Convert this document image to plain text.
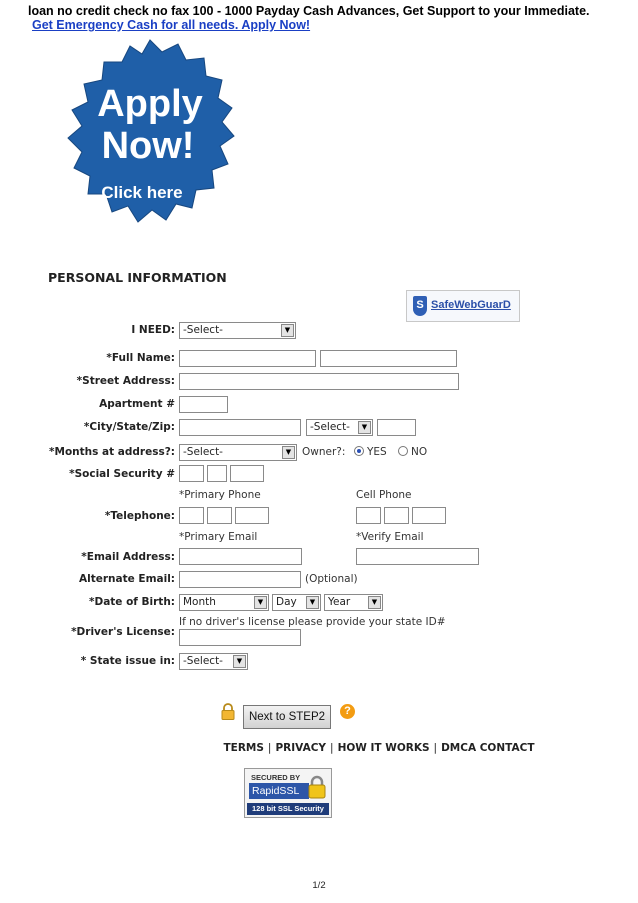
loan no credit check no fax 100 - 1000 Payday Cash Advances, Get Support to your Immediate.
Get Emergency Cash for all needs. Apply Now!
Apply
Now!
Click here
PERSONAL INFORMATION
S SafeWebGuarD
I NEED: -Select-	▼
*Full Name:
*Street Address:
Apartment #
*City/State/Zip:	-Select-	▼
*Months at address?: -Select-	▼	Owner?: YES NO
*Social Security #
*Primary Phone	Cell Phone
*Telephone:
*Primary Email	*Verify Email
*Email Address:
Alternate Email:	(Optional)
*Date of Birth: Month	▼	Day	▼	Year	▼
If no driver's license please provide your state ID#
*Driver's License:
* State issue in: -Select-	▼
Next to STEP2	?
TERMS | PRIVACY | HOW IT WORKS | DMCA CONTACT
SECURED BY
RapidSSL
128 bit SSL Security
1/2
